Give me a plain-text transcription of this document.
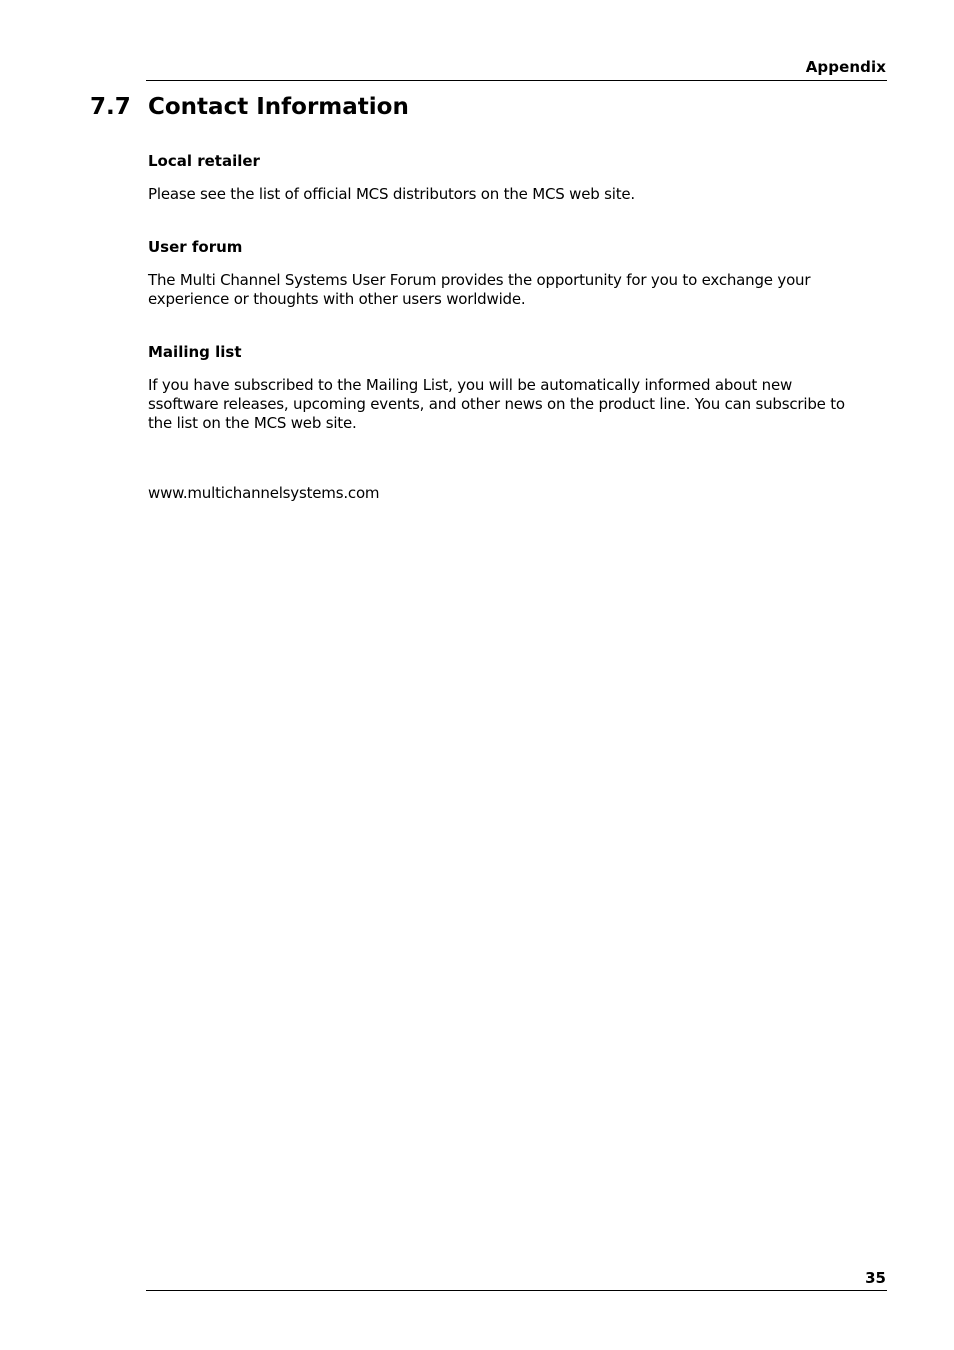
Appendix
7.7 Contact Information
Local retailer

Please see the list of official MCS distributors on the MCS web site.

User forum

The Multi Channel Systems User Forum provides the opportunity for you to exchange your experience or thoughts with other users worldwide.

Mailing list

If you have subscribed to the Mailing List, you will be automatically informed about new ssoftware releases, upcoming events, and other news on the product line. You can subscribe to the list on the MCS web site.

www.multichannelsystems.com

35
